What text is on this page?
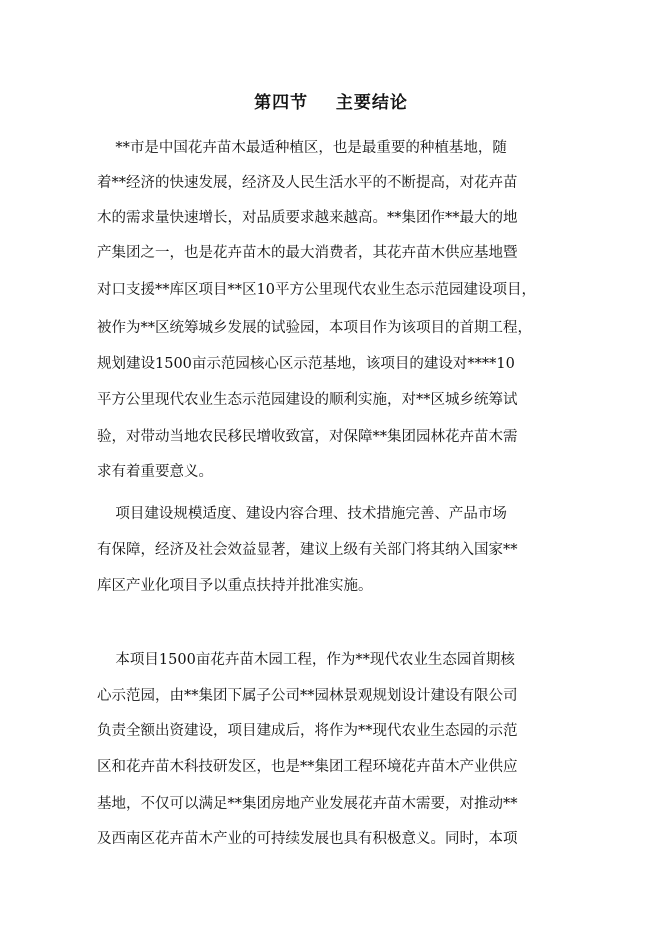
第四节    主要结论
**市是中国花卉苗木最适种植区，也是最重要的种植基地，随
着**经济的快速发展，经济及人民生活水平的不断提高，对花卉苗
木的需求量快速增长，对品质要求越来越高。**集团作**最大的地
产集团之一，也是花卉苗木的最大消费者，其花卉苗木供应基地暨
对口支援**库区项目**区10平方公里现代农业生态示范园建设项目，
被作为**区统筹城乡发展的试验园，本项目作为该项目的首期工程，
规划建设1500亩示范园核心区示范基地，该项目的建设对****10
平方公里现代农业生态示范园建设的顺利实施，对**区城乡统筹试
验，对带动当地农民移民增收致富，对保障**集团园林花卉苗木需
求有着重要意义。
项目建设规模适度、建设内容合理、技术措施完善、产品市场
有保障，经济及社会效益显著，建议上级有关部门将其纳入国家**
库区产业化项目予以重点扶持并批准实施。
本项目1500亩花卉苗木园工程，作为**现代农业生态园首期核
心示范园，由**集团下属子公司**园林景观规划设计建设有限公司
负责全额出资建设，项目建成后，将作为**现代农业生态园的示范
区和花卉苗木科技研发区，也是**集团工程环境花卉苗木产业供应
基地，不仅可以满足**集团房地产业发展花卉苗木需要，对推动**
及西南区花卉苗木产业的可持续发展也具有积极意义。同时，本项
